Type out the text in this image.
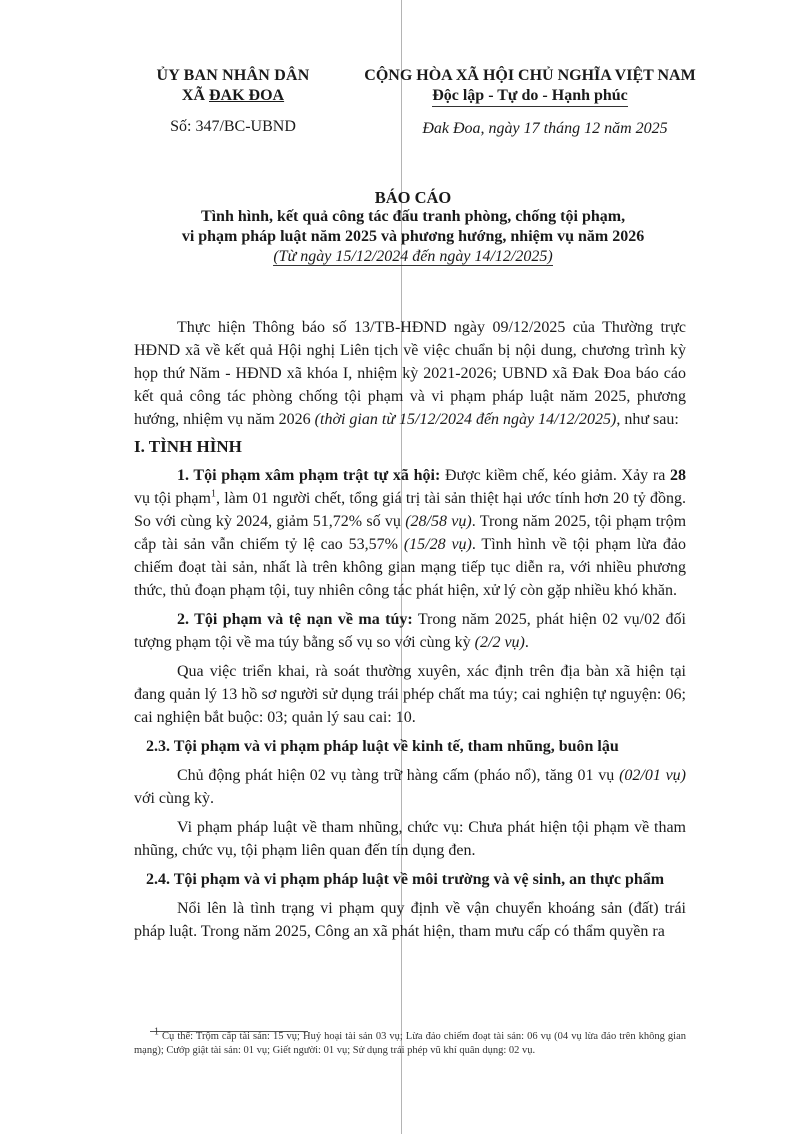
ỦY BAN NHÂN DÂN
XÃ ĐAK ĐOA
Số: 347/BC-UBND
CỘNG HÒA XÃ HỘI CHỦ NGHĨA VIỆT NAM
Độc lập - Tự do - Hạnh phúc
Đak Đoa, ngày 17 tháng 12 năm 2025
BÁO CÁO
Tình hình, kết quả công tác đấu tranh phòng, chống tội phạm,
vi phạm pháp luật năm 2025 và phương hướng, nhiệm vụ năm 2026
(Từ ngày 15/12/2024 đến ngày 14/12/2025)

Thực hiện Thông báo số 13/TB-HĐND ngày 09/12/2025 của Thường trực HĐND xã về kết quả Hội nghị Liên tịch về việc chuẩn bị nội dung, chương trình kỳ họp thứ Năm - HĐND xã khóa I, nhiệm kỳ 2021-2026; UBND xã Đak Đoa báo cáo kết quả công tác phòng chống tội phạm và vi phạm pháp luật năm 2025, phương hướng, nhiệm vụ năm 2026 (thời gian từ 15/12/2024 đến ngày 14/12/2025), như sau:

I. TÌNH HÌNH

1. Tội phạm xâm phạm trật tự xã hội: Được kiềm chế, kéo giảm. Xảy ra 28 vụ tội phạm$^1$, làm 01 người chết, tổng giá trị tài sản thiệt hại ước tính hơn 20 tỷ đồng. So với cùng kỳ 2024, giảm 51,72% số vụ (28/58 vụ). Trong năm 2025, tội phạm trộm cắp tài sản vẫn chiếm tỷ lệ cao 53,57% (15/28 vụ). Tình hình về tội phạm lừa đảo chiếm đoạt tài sản, nhất là trên không gian mạng tiếp tục diễn ra, với nhiều phương thức, thủ đoạn phạm tội, tuy nhiên công tác phát hiện, xử lý còn gặp nhiều khó khăn.

2. Tội phạm và tệ nạn về ma túy: Trong năm 2025, phát hiện 02 vụ/02 đối tượng phạm tội về ma túy bằng số vụ so với cùng kỳ (2/2 vụ).

Qua việc triển khai, rà soát thường xuyên, xác định trên địa bàn xã hiện tại đang quản lý 13 hồ sơ người sử dụng trái phép chất ma túy; cai nghiện tự nguyện: 06; cai nghiện bắt buộc: 03; quản lý sau cai: 10.

2.3. Tội phạm và vi phạm pháp luật về kinh tế, tham nhũng, buôn lậu

Chủ động phát hiện 02 vụ tàng trữ hàng cấm (pháo nổ), tăng 01 vụ (02/01 vụ) với cùng kỳ.

Vi phạm pháp luật về tham nhũng, chức vụ: Chưa phát hiện tội phạm về tham nhũng, chức vụ, tội phạm liên quan đến tín dụng đen.

2.4. Tội phạm và vi phạm pháp luật về môi trường và vệ sinh, an thực phẩm

Nổi lên là tình trạng vi phạm quy định về vận chuyển khoáng sản (đất) trái pháp luật. Trong năm 2025, Công an xã phát hiện, tham mưu cấp có thẩm quyền ra

1 Cụ thể: Trộm cắp tài sản: 15 vụ; Huỷ hoại tài sản 03 vụ; Lừa đảo chiếm đoạt tài sản: 06 vụ (04 vụ lừa đảo trên không gian mạng); Cướp giật tài sản: 01 vụ; Giết người: 01 vụ; Sử dụng trái phép vũ khí quân dụng: 02 vụ.
